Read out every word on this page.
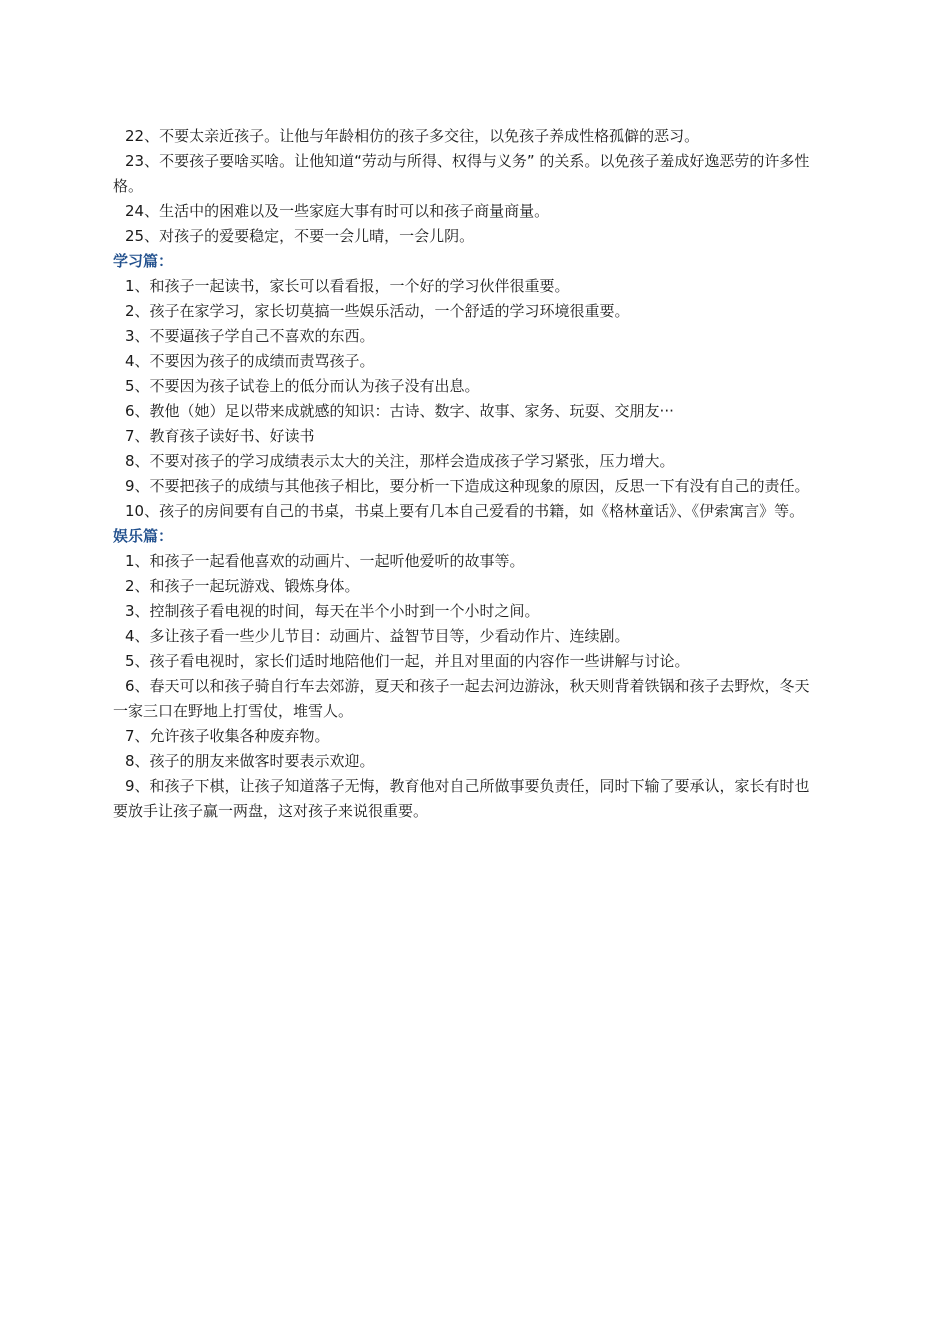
22、不要太亲近孩子。让他与年龄相仿的孩子多交往，以免孩子养成性格孤僻的恶习。

23、不要孩子要啥买啥。让他知道“劳动与所得、权得与义务” 的关系。以免孩子羞成好逸恶劳的许多性格。

24、生活中的困难以及一些家庭大事有时可以和孩子商量商量。

25、对孩子的爱要稳定，不要一会儿晴，一会儿阴。

学习篇：

1、和孩子一起读书，家长可以看看报，一个好的学习伙伴很重要。

2、孩子在家学习，家长切莫搞一些娱乐活动，一个舒适的学习环境很重要。

3、不要逼孩子学自己不喜欢的东西。

4、不要因为孩子的成绩而责骂孩子。

5、不要因为孩子试卷上的低分而认为孩子没有出息。

6、教他（她）足以带来成就感的知识：古诗、数字、故事、家务、玩耍、交朋友···

7、教育孩子读好书、好读书

8、不要对孩子的学习成绩表示太大的关注，那样会造成孩子学习紧张，压力增大。

9、不要把孩子的成绩与其他孩子相比，要分析一下造成这种现象的原因，反思一下有没有自己的责任。

10、孩子的房间要有自己的书桌，书桌上要有几本自己爱看的书籍，如《格林童话》、《伊索寓言》等。

娱乐篇：

1、和孩子一起看他喜欢的动画片、一起听他爱听的故事等。

2、和孩子一起玩游戏、锻炼身体。

3、控制孩子看电视的时间，每天在半个小时到一个小时之间。

4、多让孩子看一些少儿节目：动画片、益智节目等，少看动作片、连续剧。

5、孩子看电视时，家长们适时地陪他们一起，并且对里面的内容作一些讲解与讨论。

6、春天可以和孩子骑自行车去郊游，夏天和孩子一起去河边游泳，秋天则背着铁锅和孩子去野炊，冬天一家三口在野地上打雪仗，堆雪人。

7、允许孩子收集各种废弃物。

8、孩子的朋友来做客时要表示欢迎。

9、和孩子下棋，让孩子知道落子无悔，教育他对自己所做事要负责任，同时下输了要承认，家长有时也要放手让孩子赢一两盘，这对孩子来说很重要。
